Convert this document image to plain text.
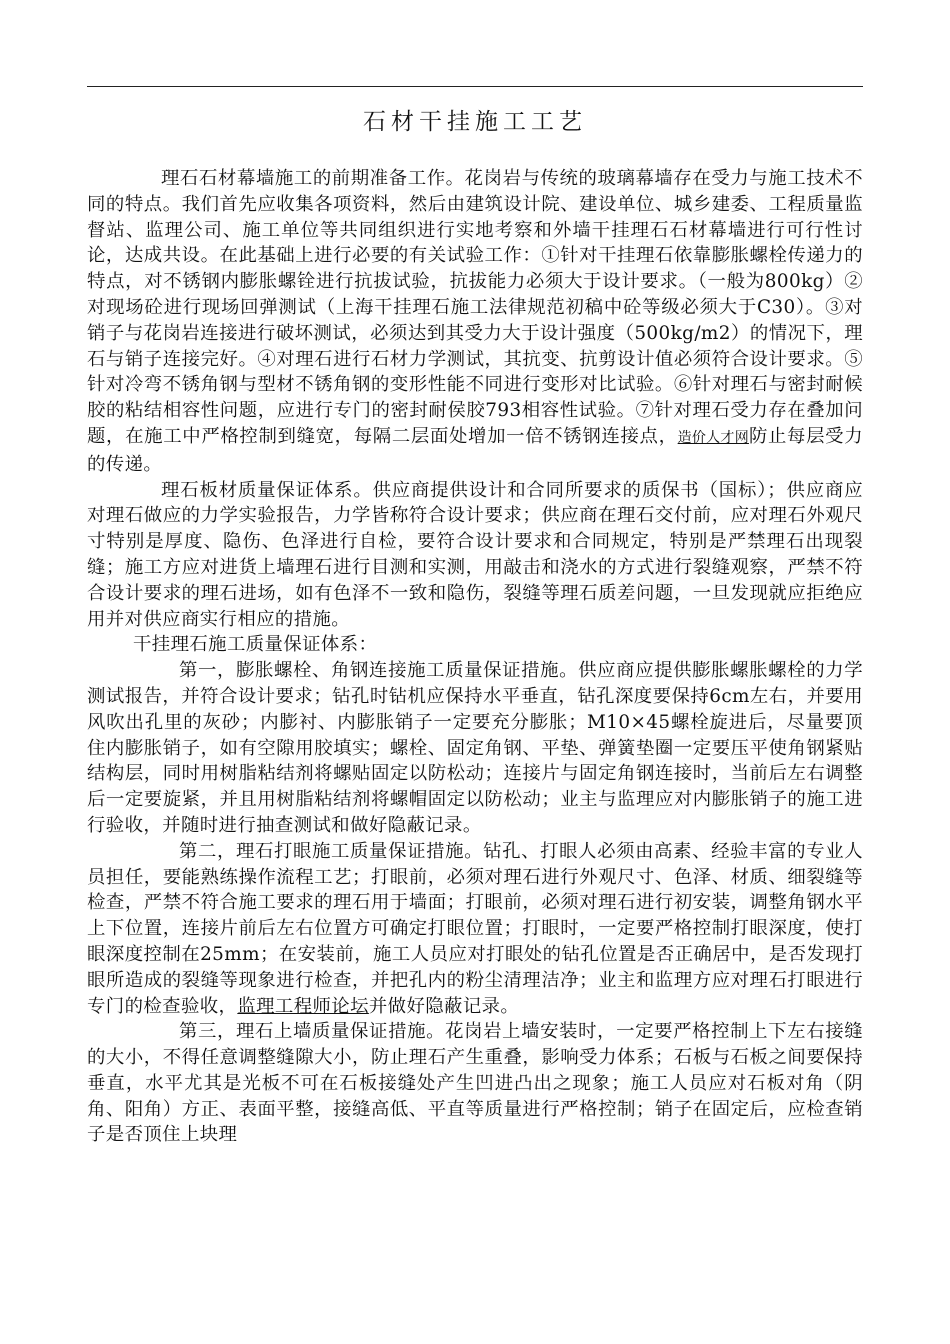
石材干挂施工工艺

理石石材幕墙施工的前期准备工作。花岗岩与传统的玻璃幕墙存在受力与施工技术不同的特点。我们首先应收集各项资料，然后由建筑设计院、建设单位、城乡建委、工程质量监督站、监理公司、施工单位等共同组织进行实地考察和外墙干挂理石石材幕墙进行可行性讨论，达成共设。在此基础上进行必要的有关试验工作：①针对干挂理石依靠膨胀螺栓传递力的特点，对不锈钢内膨胀螺铨进行抗拔试验，抗拔能力必须大于设计要求。（一般为800kg）②对现场砼进行现场回弹测试（上海干挂理石施工法律规范初稿中砼等级必须大于C30）。③对销子与花岗岩连接进行破坏测试，必须达到其受力大于设计强度（500kg/m2）的情况下，理石与销子连接完好。④对理石进行石材力学测试，其抗变、抗剪设计值必须符合设计要求。⑤针对冷弯不锈角钢与型材不锈角钢的变形性能不同进行变形对比试验。⑥针对理石与密封耐候胶的粘结相容性问题，应进行专门的密封耐侯胶793相容性试验。⑦针对理石受力存在叠加问题，在施工中严格控制到缝宽，每隔二层面处增加一倍不锈钢连接点，造价人才网防止每层受力的传递。

理石板材质量保证体系。供应商提供设计和合同所要求的质保书（国标）；供应商应对理石做应的力学实验报告，力学皆称符合设计要求；供应商在理石交付前，应对理石外观尺寸特别是厚度、隐伤、色泽进行自检，要符合设计要求和合同规定，特别是严禁理石出现裂缝；施工方应对进货上墙理石进行目测和实测，用敲击和浇水的方式进行裂缝观察，严禁不符合设计要求的理石进场，如有色泽不一致和隐伤，裂缝等理石质差问题，一旦发现就应拒绝应用并对供应商实行相应的措施。

干挂理石施工质量保证体系：

第一，膨胀螺栓、角钢连接施工质量保证措施。供应商应提供膨胀螺胀螺栓的力学测试报告，并符合设计要求；钻孔时钻机应保持水平垂直，钻孔深度要保持6cm左右，并要用风吹出孔里的灰砂；内膨衬、内膨胀销子一定要充分膨胀；M10×45螺栓旋进后，尽量要顶住内膨胀销子，如有空隙用胶填实；螺栓、固定角钢、平垫、弹簧垫圈一定要压平使角钢紧贴结构层，同时用树脂粘结剂将螺贴固定以防松动；连接片与固定角钢连接时，当前后左右调整后一定要旋紧，并且用树脂粘结剂将螺帽固定以防松动；业主与监理应对内膨胀销子的施工进行验收，并随时进行抽查测试和做好隐蔽记录。

第二，理石打眼施工质量保证措施。钻孔、打眼人必须由高素、经验丰富的专业人员担任，要能熟练操作流程工艺；打眼前，必须对理石进行外观尺寸、色泽、材质、细裂缝等检查，严禁不符合施工要求的理石用于墙面；打眼前，必须对理石进行初安装，调整角钢水平上下位置，连接片前后左右位置方可确定打眼位置；打眼时，一定要严格控制打眼深度，使打眼深度控制在25mm；在安装前，施工人员应对打眼处的钻孔位置是否正确居中，是否发现打眼所造成的裂缝等现象进行检查，并把孔内的粉尘清理洁净；业主和监理方应对理石打眼进行专门的检查验收，监理工程师论坛并做好隐蔽记录。

第三，理石上墙质量保证措施。花岗岩上墙安装时，一定要严格控制上下左右接缝的大小，不得任意调整缝隙大小，防止理石产生重叠，影响受力体系；石板与石板之间要保持垂直，水平尤其是光板不可在石板接缝处产生凹进凸出之现象；施工人员应对石板对角（阴角、阳角）方正、表面平整，接缝高低、平直等质量进行严格控制；销子在固定后，应检查销子是否顶住上块理
